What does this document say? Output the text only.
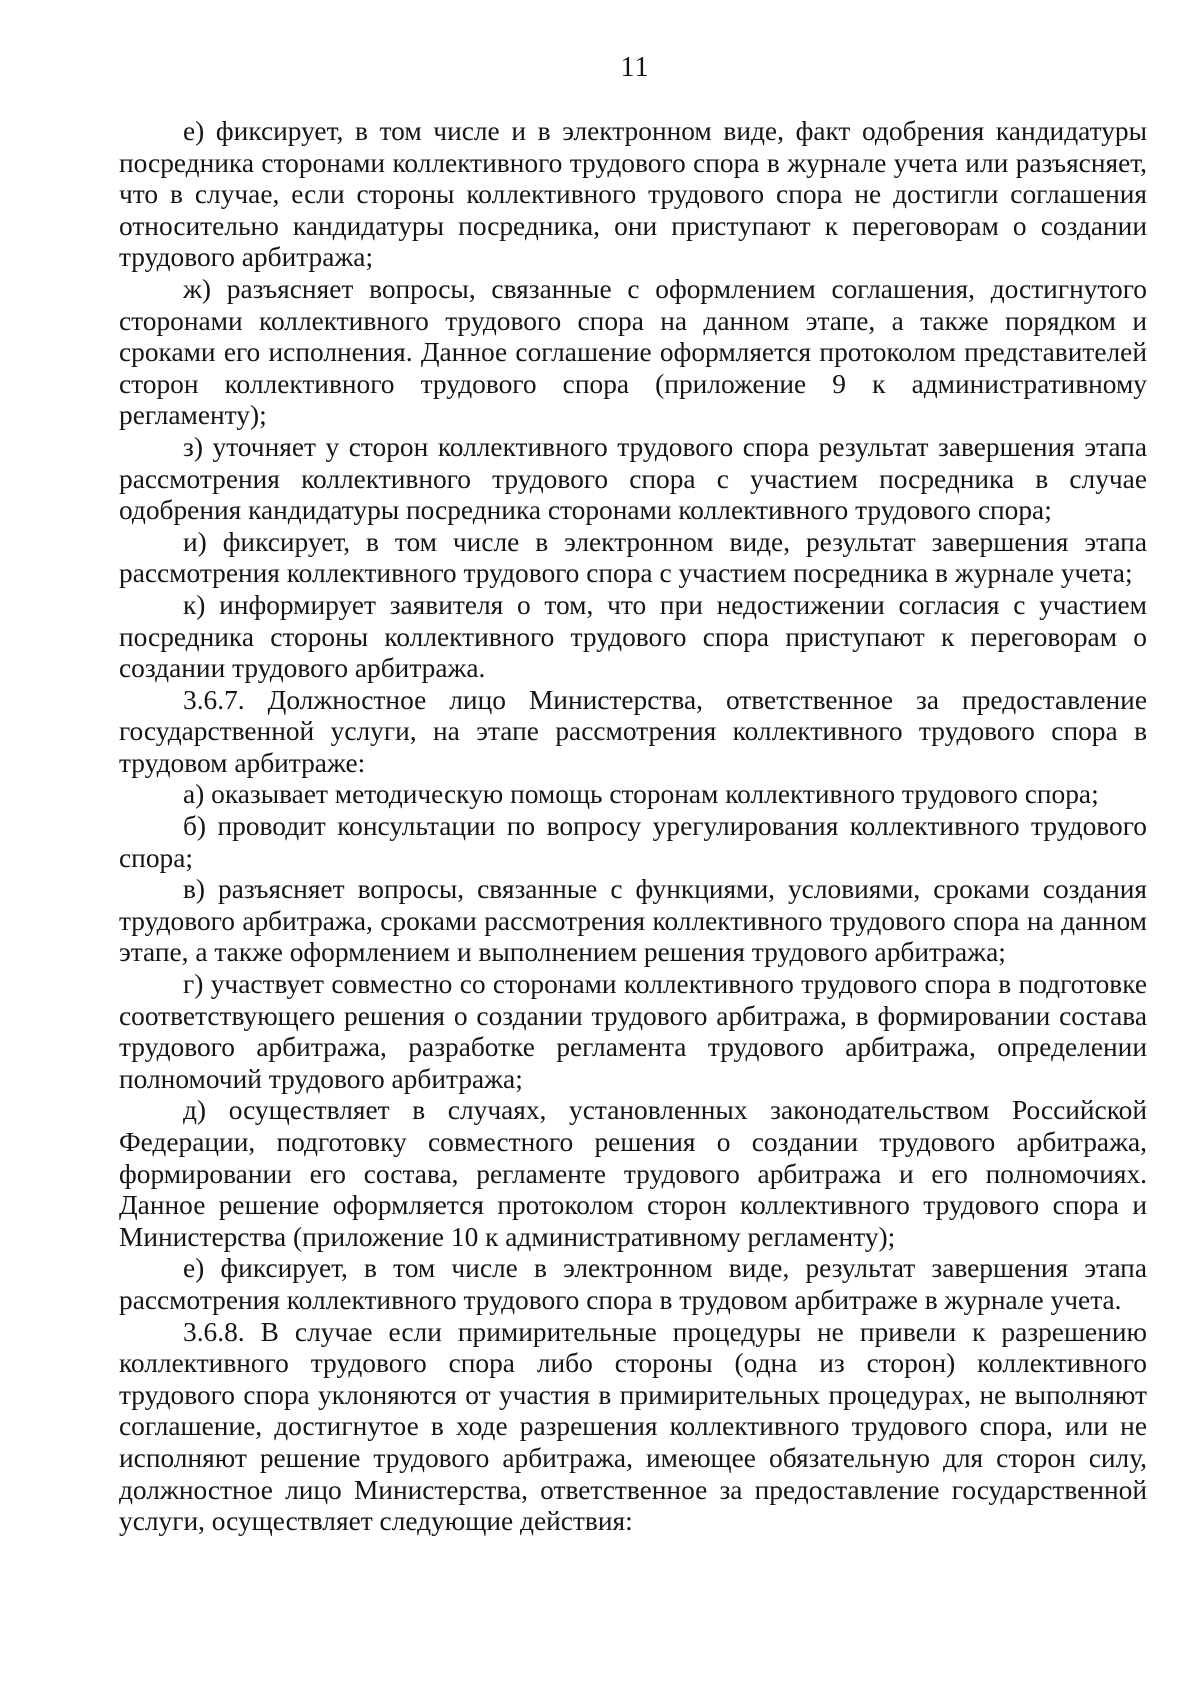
11

е) фиксирует, в том числе и в электронном виде, факт одобрения кандидатуры посредника сторонами коллективного трудового спора в журнале учета или разъясняет, что в случае, если стороны коллективного трудового спора не достигли соглашения относительно кандидатуры посредника, они приступают к переговорам о создании трудового арбитража;

ж) разъясняет вопросы, связанные с оформлением соглашения, достигнутого сторонами коллективного трудового спора на данном этапе, а также порядком и сроками его исполнения. Данное соглашение оформляется протоколом представителей сторон коллективного трудового спора (приложение 9 к административному регламенту);

з) уточняет у сторон коллективного трудового спора результат завершения этапа рассмотрения коллективного трудового спора с участием посредника в случае одобрения кандидатуры посредника сторонами коллективного трудового спора;

и) фиксирует, в том числе в электронном виде, результат завершения этапа рассмотрения коллективного трудового спора с участием посредника в журнале учета;

к) информирует заявителя о том, что при недостижении согласия с участием посредника стороны коллективного трудового спора приступают к переговорам о создании трудового арбитража.

3.6.7. Должностное лицо Министерства, ответственное за предоставление государственной услуги, на этапе рассмотрения коллективного трудового спора в трудовом арбитраже:

а) оказывает методическую помощь сторонам коллективного трудового спора;

б) проводит консультации по вопросу урегулирования коллективного трудового спора;

в) разъясняет вопросы, связанные с функциями, условиями, сроками создания трудового арбитража, сроками рассмотрения коллективного трудового спора на данном этапе, а также оформлением и выполнением решения трудового арбитража;

г) участвует совместно со сторонами коллективного трудового спора в подготовке соответствующего решения о создании трудового арбитража, в формировании состава трудового арбитража, разработке регламента трудового арбитража, определении полномочий трудового арбитража;

д) осуществляет в случаях, установленных законодательством Российской Федерации, подготовку совместного решения о создании трудового арбитража, формировании его состава, регламенте трудового арбитража и его полномочиях. Данное решение оформляется протоколом сторон коллективного трудового спора и Министерства (приложение 10 к административному регламенту);

е) фиксирует, в том числе в электронном виде, результат завершения этапа рассмотрения коллективного трудового спора в трудовом арбитраже в журнале учета.

3.6.8. В случае если примирительные процедуры не привели к разрешению коллективного трудового спора либо стороны (одна из сторон) коллективного трудового спора уклоняются от участия в примирительных процедурах, не выполняют соглашение, достигнутое в ходе разрешения коллективного трудового спора, или не исполняют решение трудового арбитража, имеющее обязательную для сторон силу, должностное лицо Министерства, ответственное за предоставление государственной услуги, осуществляет следующие действия:
